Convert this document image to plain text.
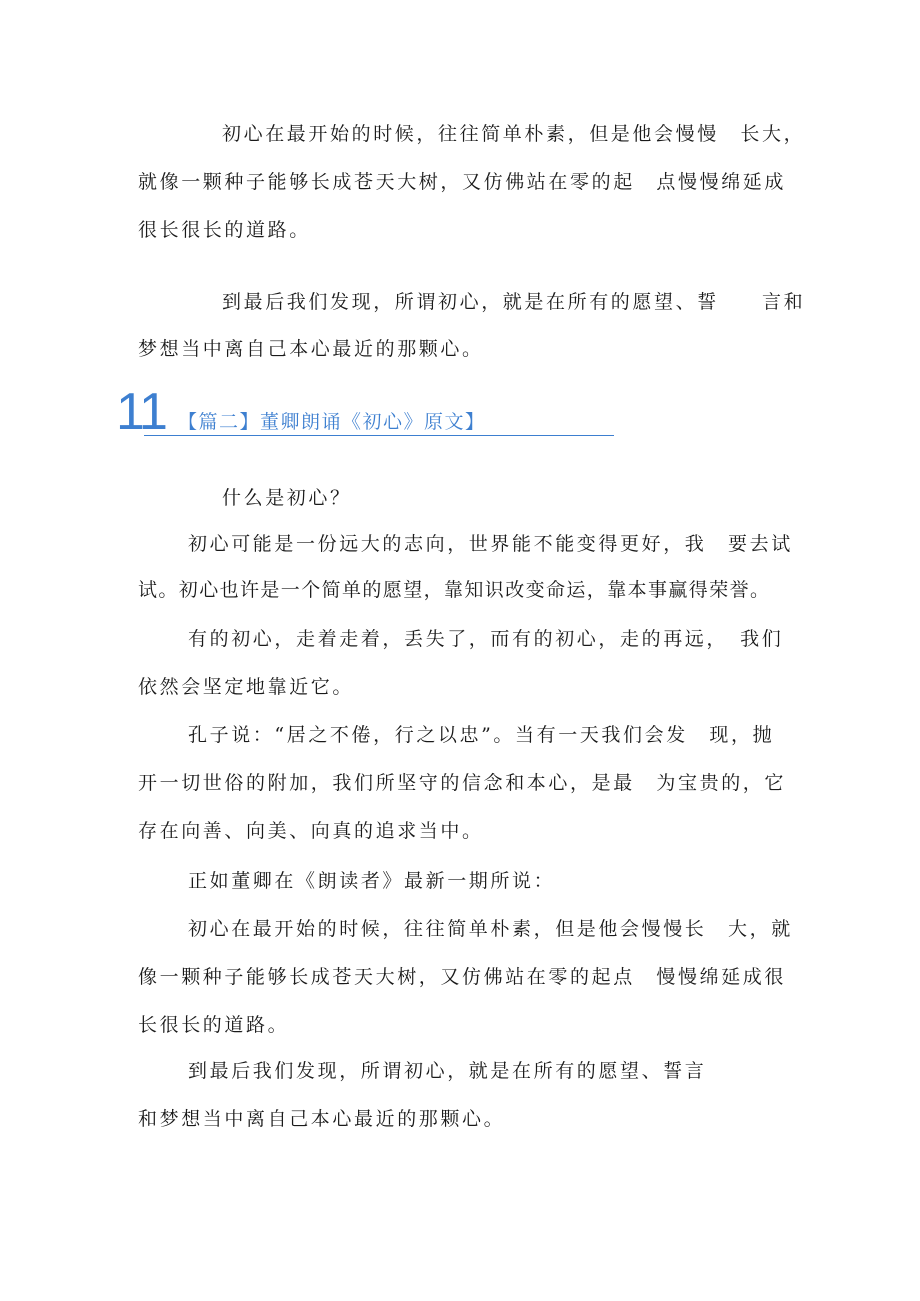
初心在最开始的时候，往往简单朴素，但是他会慢慢　长大，
就像一颗种子能够长成苍天大树，又仿佛站在零的起　点慢慢绵延成
很长很长的道路。
到最后我们发现，所谓初心，就是在所有的愿望、誓　　言和
梦想当中离自己本心最近的那颗心。
11 【篇二】董卿朗诵《初心》原文】
什么是初心？
初心可能是一份远大的志向，世界能不能变得更好，我　要去试
试。初心也许是一个简单的愿望，靠知识改变命运，靠本事赢得荣誉。
有的初心，走着走着，丢失了，而有的初心，走的再远，　我们
依然会坚定地靠近它。
孔子说：“居之不倦，行之以忠”。当有一天我们会发　现，抛
开一切世俗的附加，我们所坚守的信念和本心，是最　为宝贵的，它
存在向善、向美、向真的追求当中。
正如董卿在《朗读者》最新一期所说：
初心在最开始的时候，往往简单朴素，但是他会慢慢长　大，就
像一颗种子能够长成苍天大树，又仿佛站在零的起点　慢慢绵延成很
长很长的道路。
到最后我们发现，所谓初心，就是在所有的愿望、誓言
和梦想当中离自己本心最近的那颗心。
